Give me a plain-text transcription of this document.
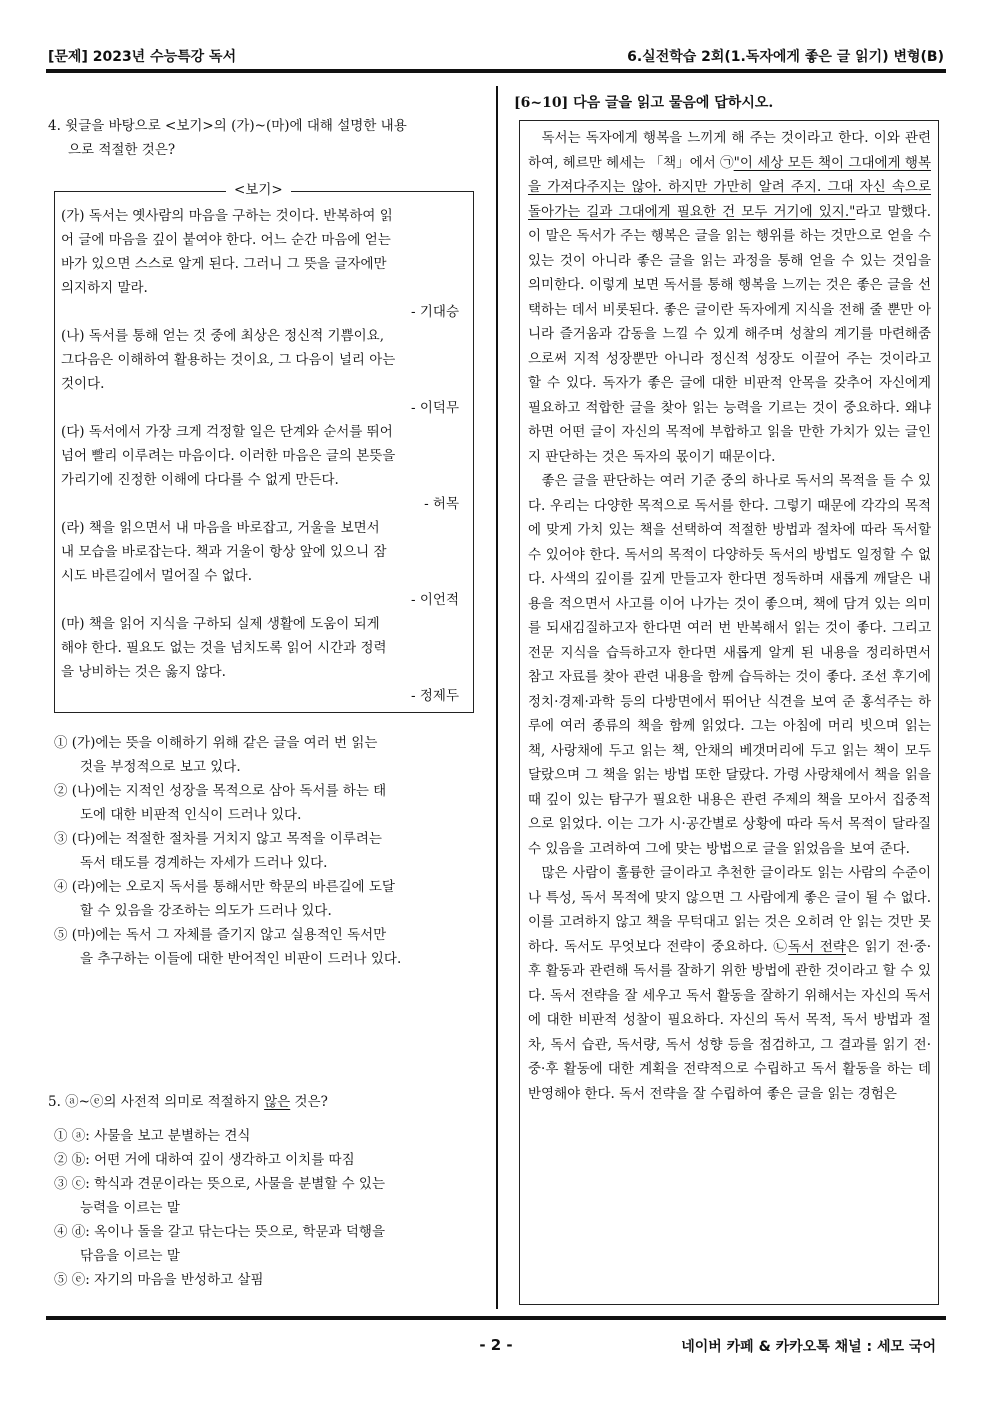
[문제] 2023년 수능특강 독서	6.실전학습 2회(1.독자에게 좋은 글 읽기) 변형(B)
4. 윗글을 바탕으로 <보기>의 (가)~(마)에 대해 설명한 내용
으로 적절한 것은?
<보기>
(가) 독서는 옛사람의 마음을 구하는 것이다. 반복하여 읽
어 글에 마음을 깊이 붙여야 한다. 어느 순간 마음에 얻는
바가 있으면 스스로 알게 된다. 그러니 그 뜻을 글자에만
의지하지 말라.
- 기대승
(나) 독서를 통해 얻는 것 중에 최상은 정신적 기쁨이요,
그다음은 이해하여 활용하는 것이요, 그 다음이 널리 아는
것이다.
- 이덕무
(다) 독서에서 가장 크게 걱정할 일은 단계와 순서를 뛰어
넘어 빨리 이루려는 마음이다. 이러한 마음은 글의 본뜻을
가리기에 진정한 이해에 다다를 수 없게 만든다.
- 허목
(라) 책을 읽으면서 내 마음을 바로잡고, 거울을 보면서
내 모습을 바로잡는다. 책과 거울이 항상 앞에 있으니 잠
시도 바른길에서 멀어질 수 없다.
- 이언적
(마) 책을 읽어 지식을 구하되 실제 생활에 도움이 되게
해야 한다. 필요도 없는 것을 넘치도록 읽어 시간과 정력
을 낭비하는 것은 옳지 않다.
- 정제두
① (가)에는 뜻을 이해하기 위해 같은 글을 여러 번 읽는
것을 부정적으로 보고 있다.
② (나)에는 지적인 성장을 목적으로 삼아 독서를 하는 태
도에 대한 비판적 인식이 드러나 있다.
③ (다)에는 적절한 절차를 거치지 않고 목적을 이루려는
독서 태도를 경계하는 자세가 드러나 있다.
④ (라)에는 오로지 독서를 통해서만 학문의 바른길에 도달
할 수 있음을 강조하는 의도가 드러나 있다.
⑤ (마)에는 독서 그 자체를 즐기지 않고 실용적인 독서만
을 추구하는 이들에 대한 반어적인 비판이 드러나 있다.
5. ⓐ~ⓔ의 사전적 의미로 적절하지 않은 것은?
① ⓐ: 사물을 보고 분별하는 견식
② ⓑ: 어떤 거에 대하여 깊이 생각하고 이치를 따짐
③ ⓒ: 학식과 견문이라는 뜻으로, 사물을 분별할 수 있는
능력을 이르는 말
④ ⓓ: 옥이나 돌을 갈고 닦는다는 뜻으로, 학문과 덕행을
닦음을 이르는 말
⑤ ⓔ: 자기의 마음을 반성하고 살핌
[6~10] 다음 글을 읽고 물음에 답하시오.

독서는 독자에게 행복을 느끼게 해 주는 것이라고 한다. 이와 관련하여, 헤르만 헤세는 「책」에서 ㉠"이 세상 모든 책이 그대에게 행복을 가져다주지는 않아. 하지만 가만히 알려 주지. 그대 자신 속으로 돌아가는 길과 그대에게 필요한 건 모두 거기에 있지."라고 말했다. 이 말은 독서가 주는 행복은 글을 읽는 행위를 하는 것만으로 얻을 수 있는 것이 아니라 좋은 글을 읽는 과정을 통해 얻을 수 있는 것임을 의미한다. 이렇게 보면 독서를 통해 행복을 느끼는 것은 좋은 글을 선택하는 데서 비롯된다. 좋은 글이란 독자에게 지식을 전해 줄 뿐만 아니라 즐거움과 감동을 느낄 수 있게 해주며 성찰의 계기를 마련해줌으로써 지적 성장뿐만 아니라 정신적 성장도 이끌어 주는 것이라고 할 수 있다. 독자가 좋은 글에 대한 비판적 안목을 갖추어 자신에게 필요하고 적합한 글을 찾아 읽는 능력을 기르는 것이 중요하다. 왜냐하면 어떤 글이 자신의 목적에 부합하고 읽을 만한 가치가 있는 글인지 판단하는 것은 독자의 몫이기 때문이다.

좋은 글을 판단하는 여러 기준 중의 하나로 독서의 목적을 들 수 있다. 우리는 다양한 목적으로 독서를 한다. 그렇기 때문에 각각의 목적에 맞게 가치 있는 책을 선택하여 적절한 방법과 절차에 따라 독서할 수 있어야 한다. 독서의 목적이 다양하듯 독서의 방법도 일정할 수 없다. 사색의 깊이를 깊게 만들고자 한다면 정독하며 새롭게 깨달은 내용을 적으면서 사고를 이어 나가는 것이 좋으며, 책에 담겨 있는 의미를 되새김질하고자 한다면 여러 번 반복해서 읽는 것이 좋다. 그리고 전문 지식을 습득하고자 한다면 새롭게 알게 된 내용을 정리하면서 참고 자료를 찾아 관련 내용을 함께 습득하는 것이 좋다. 조선 후기에 정치·경제·과학 등의 다방면에서 뛰어난 식견을 보여 준 홍석주는 하루에 여러 종류의 책을 함께 읽었다. 그는 아침에 머리 빗으며 읽는 책, 사랑채에 두고 읽는 책, 안채의 베갯머리에 두고 읽는 책이 모두 달랐으며 그 책을 읽는 방법 또한 달랐다. 가령 사랑채에서 책을 읽을 때 깊이 있는 탐구가 필요한 내용은 관련 주제의 책을 모아서 집중적으로 읽었다. 이는 그가 시·공간별로 상황에 따라 독서 목적이 달라질 수 있음을 고려하여 그에 맞는 방법으로 글을 읽었음을 보여 준다.

많은 사람이 훌륭한 글이라고 추천한 글이라도 읽는 사람의 수준이나 특성, 독서 목적에 맞지 않으면 그 사람에게 좋은 글이 될 수 없다. 이를 고려하지 않고 책을 무턱대고 읽는 것은 오히려 안 읽는 것만 못하다. 독서도 무엇보다 전략이 중요하다. ㉡독서 전략은 읽기 전·중·후 활동과 관련해 독서를 잘하기 위한 방법에 관한 것이라고 할 수 있다. 독서 전략을 잘 세우고 독서 활동을 잘하기 위해서는 자신의 독서에 대한 비판적 성찰이 필요하다. 자신의 독서 목적, 독서 방법과 절차, 독서 습관, 독서량, 독서 성향 등을 점검하고, 그 결과를 읽기 전·중·후 활동에 대한 계획을 전략적으로 수립하고 독서 활동을 하는 데 반영해야 한다. 독서 전략을 잘 수립하여 좋은 글을 읽는 경험은

- 2 -	네이버 카페 & 카카오톡 채널 : 세모 국어
